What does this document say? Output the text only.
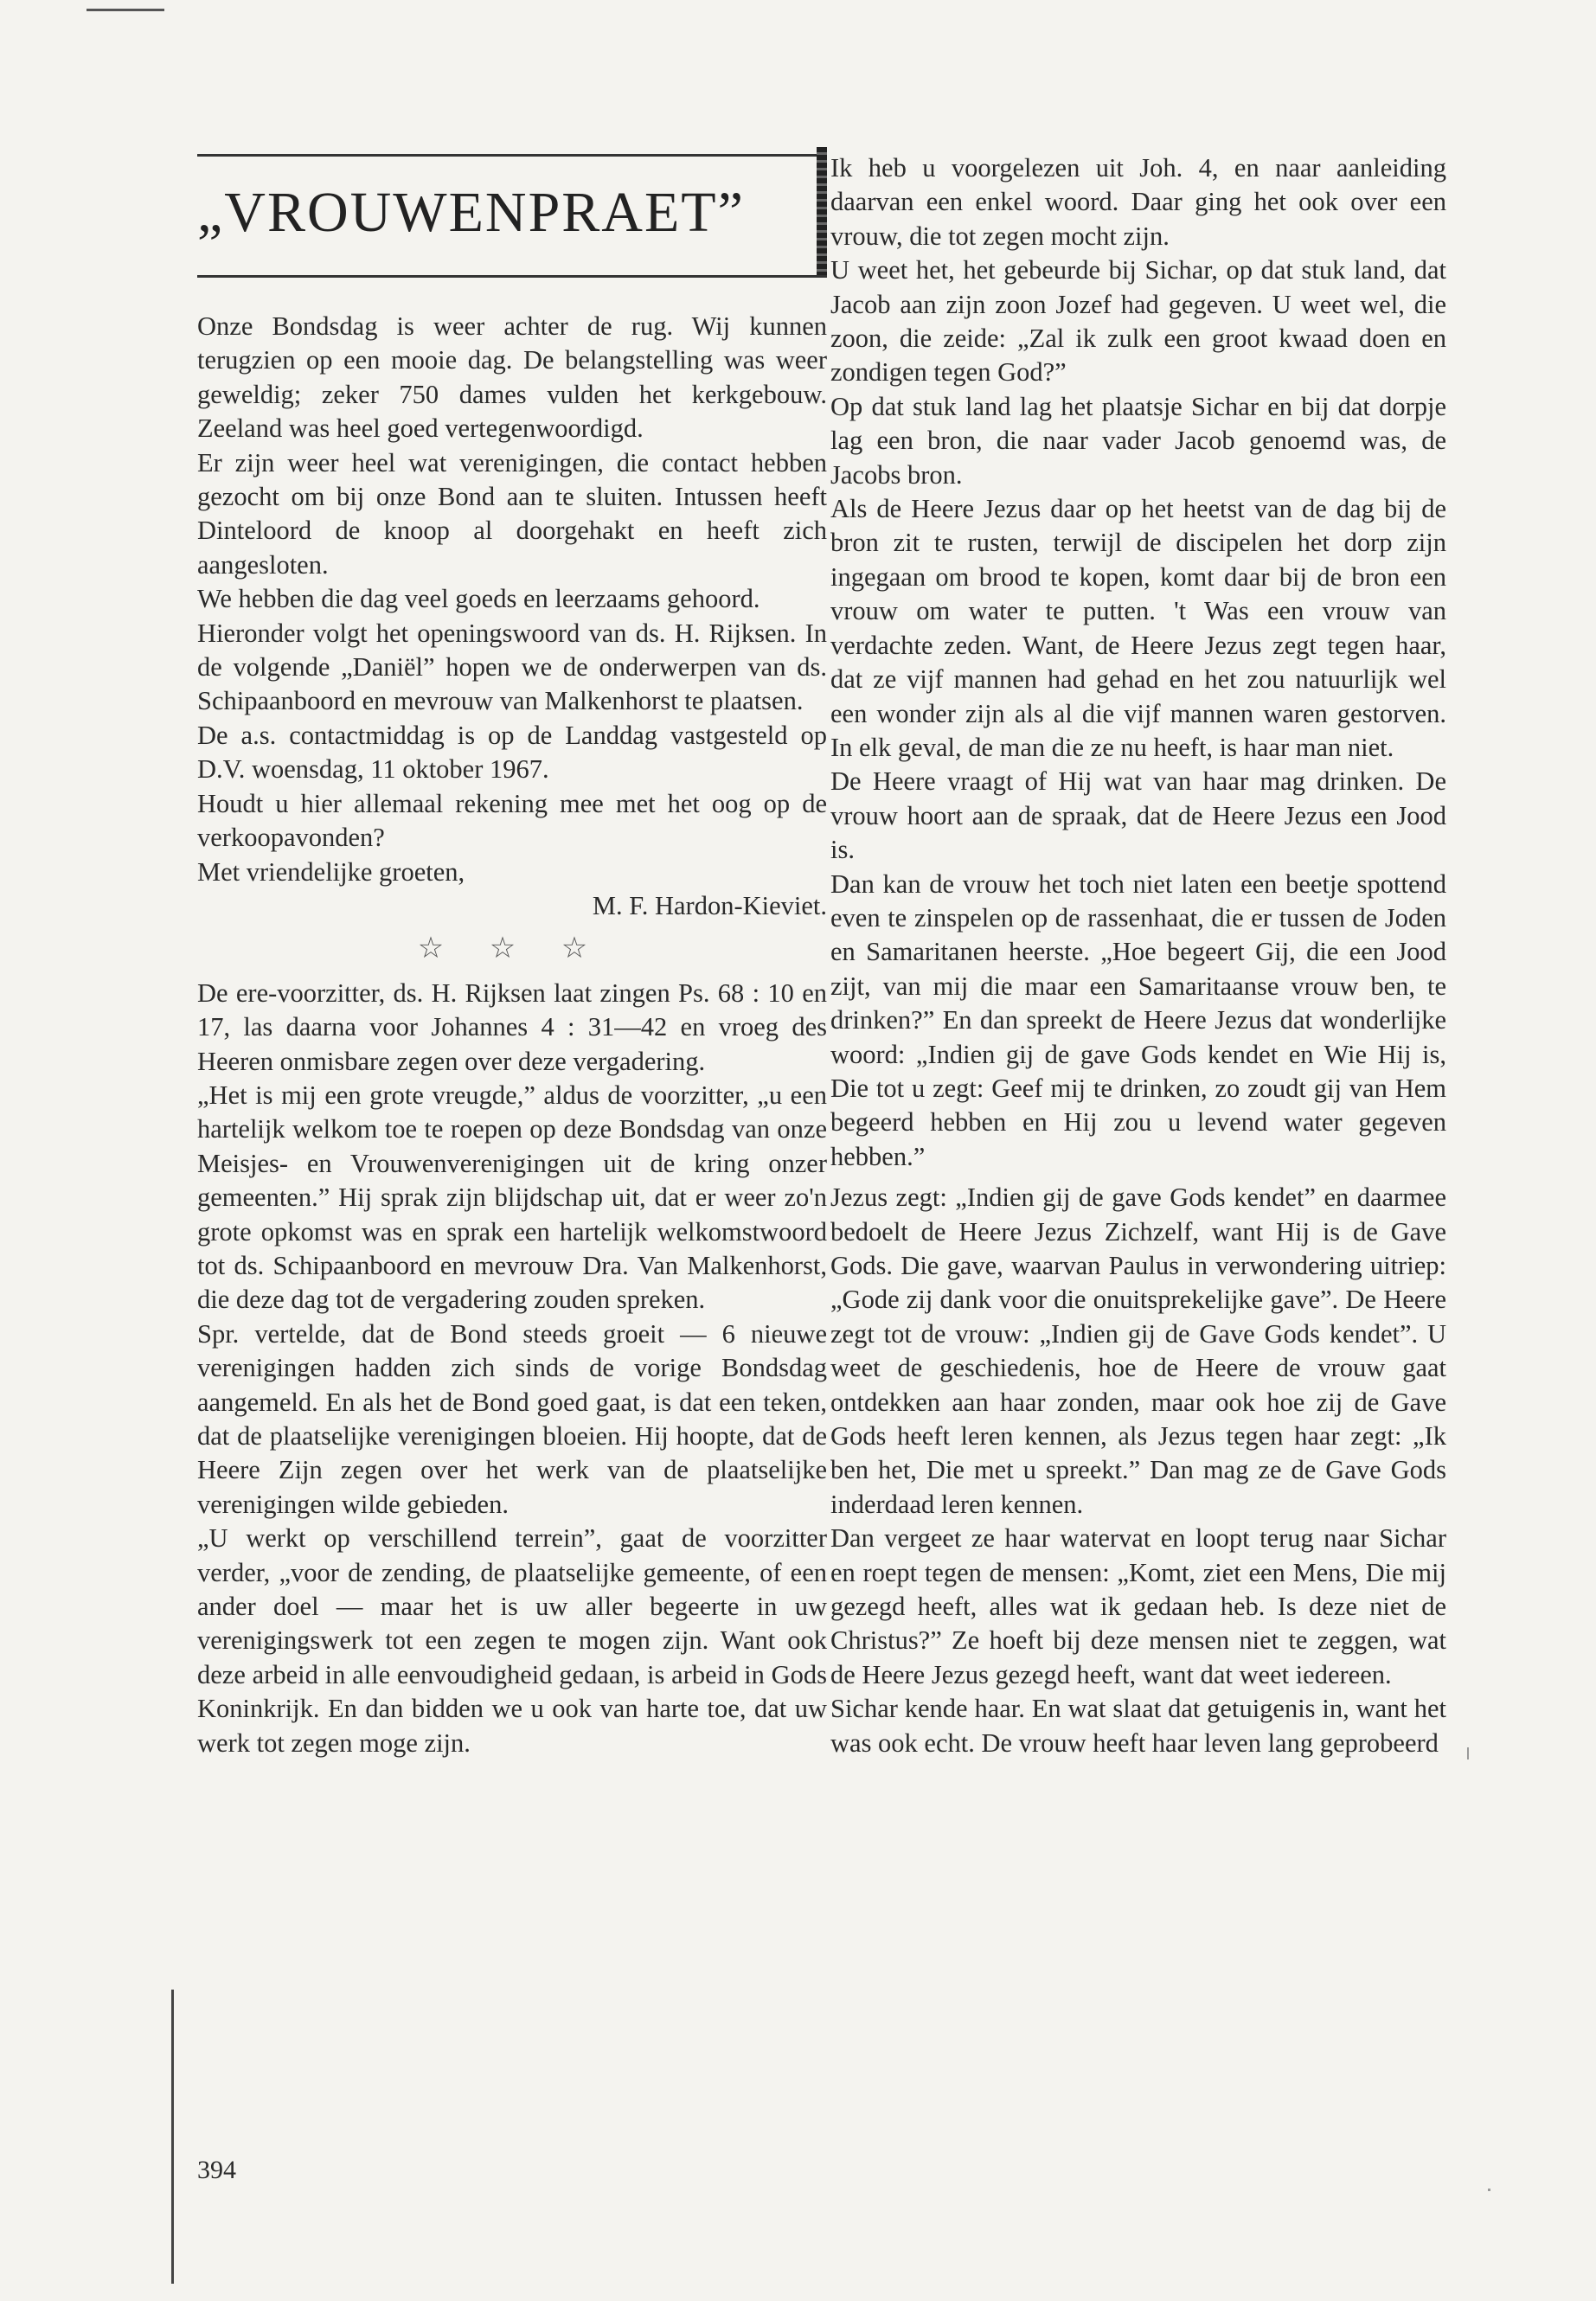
„VROUWENPRAET”

Onze Bondsdag is weer achter de rug. Wij kunnen terugzien op een mooie dag. De belangstelling was weer geweldig; zeker 750 dames vulden het kerkgebouw. Zeeland was heel goed vertegenwoordigd.

Er zijn weer heel wat verenigingen, die contact hebben gezocht om bij onze Bond aan te sluiten. Intussen heeft Dinteloord de knoop al doorgehakt en heeft zich aangesloten.

We hebben die dag veel goeds en leerzaams gehoord.

Hieronder volgt het openingswoord van ds. H. Rijksen. In de volgende „Daniël” hopen we de onderwerpen van ds. Schipaanboord en mevrouw van Malkenhorst te plaatsen.

De a.s. contactmiddag is op de Landdag vastgesteld op D.V. woensdag, 11 oktober 1967.

Houdt u hier allemaal rekening mee met het oog op de verkoopavonden?

Met vriendelijke groeten,

M. F. Hardon-Kieviet.

☆ ☆ ☆

De ere-voorzitter, ds. H. Rijksen laat zingen Ps. 68 : 10 en 17, las daarna voor Johannes 4 : 31—42 en vroeg des Heeren onmisbare zegen over deze vergadering.

„Het is mij een grote vreugde,” aldus de voorzitter, „u een hartelijk welkom toe te roepen op deze Bondsdag van onze Meisjes- en Vrouwenverenigingen uit de kring onzer gemeenten.” Hij sprak zijn blijdschap uit, dat er weer zo'n grote opkomst was en sprak een hartelijk welkomstwoord tot ds. Schipaanboord en mevrouw Dra. Van Malkenhorst, die deze dag tot de vergadering zouden spreken.

Spr. vertelde, dat de Bond steeds groeit — 6 nieuwe verenigingen hadden zich sinds de vorige Bondsdag aangemeld. En als het de Bond goed gaat, is dat een teken, dat de plaatselijke verenigingen bloeien. Hij hoopte, dat de Heere Zijn zegen over het werk van de plaatselijke verenigingen wilde gebieden.

„U werkt op verschillend terrein”, gaat de voorzitter verder, „voor de zending, de plaatselijke gemeente, of een ander doel — maar het is uw aller begeerte in uw verenigingswerk tot een zegen te mogen zijn. Want ook deze arbeid in alle eenvoudigheid gedaan, is arbeid in Gods Koninkrijk. En dan bidden we u ook van harte toe, dat uw werk tot zegen moge zijn.

Ik heb u voorgelezen uit Joh. 4, en naar aanleiding daarvan een enkel woord. Daar ging het ook over een vrouw, die tot zegen mocht zijn.

U weet het, het gebeurde bij Sichar, op dat stuk land, dat Jacob aan zijn zoon Jozef had gegeven. U weet wel, die zoon, die zeide: „Zal ik zulk een groot kwaad doen en zondigen tegen God?”

Op dat stuk land lag het plaatsje Sichar en bij dat dorpje lag een bron, die naar vader Jacob genoemd was, de Jacobs bron.

Als de Heere Jezus daar op het heetst van de dag bij de bron zit te rusten, terwijl de discipelen het dorp zijn ingegaan om brood te kopen, komt daar bij de bron een vrouw om water te putten. 't Was een vrouw van verdachte zeden. Want, de Heere Jezus zegt tegen haar, dat ze vijf mannen had gehad en het zou natuurlijk wel een wonder zijn als al die vijf mannen waren gestorven. In elk geval, de man die ze nu heeft, is haar man niet.

De Heere vraagt of Hij wat van haar mag drinken. De vrouw hoort aan de spraak, dat de Heere Jezus een Jood is.

Dan kan de vrouw het toch niet laten een beetje spottend even te zinspelen op de rassenhaat, die er tussen de Joden en Samaritanen heerste. „Hoe begeert Gij, die een Jood zijt, van mij die maar een Samaritaanse vrouw ben, te drinken?” En dan spreekt de Heere Jezus dat wonderlijke woord: „Indien gij de gave Gods kendet en Wie Hij is, Die tot u zegt: Geef mij te drinken, zo zoudt gij van Hem begeerd hebben en Hij zou u levend water gegeven hebben.”

Jezus zegt: „Indien gij de gave Gods kendet” en daarmee bedoelt de Heere Jezus Zichzelf, want Hij is de Gave Gods. Die gave, waarvan Paulus in verwondering uitriep: „Gode zij dank voor die onuitsprekelijke gave”. De Heere zegt tot de vrouw: „Indien gij de Gave Gods kendet”. U weet de geschiedenis, hoe de Heere de vrouw gaat ontdekken aan haar zonden, maar ook hoe zij de Gave Gods heeft leren kennen, als Jezus tegen haar zegt: „Ik ben het, Die met u spreekt.” Dan mag ze de Gave Gods inderdaad leren kennen.

Dan vergeet ze haar watervat en loopt terug naar Sichar en roept tegen de mensen: „Komt, ziet een Mens, Die mij gezegd heeft, alles wat ik gedaan heb. Is deze niet de Christus?” Ze hoeft bij deze mensen niet te zeggen, wat de Heere Jezus gezegd heeft, want dat weet iedereen.

Sichar kende haar. En wat slaat dat getuigenis in, want het was ook echt. De vrouw heeft haar leven lang geprobeerd

394
